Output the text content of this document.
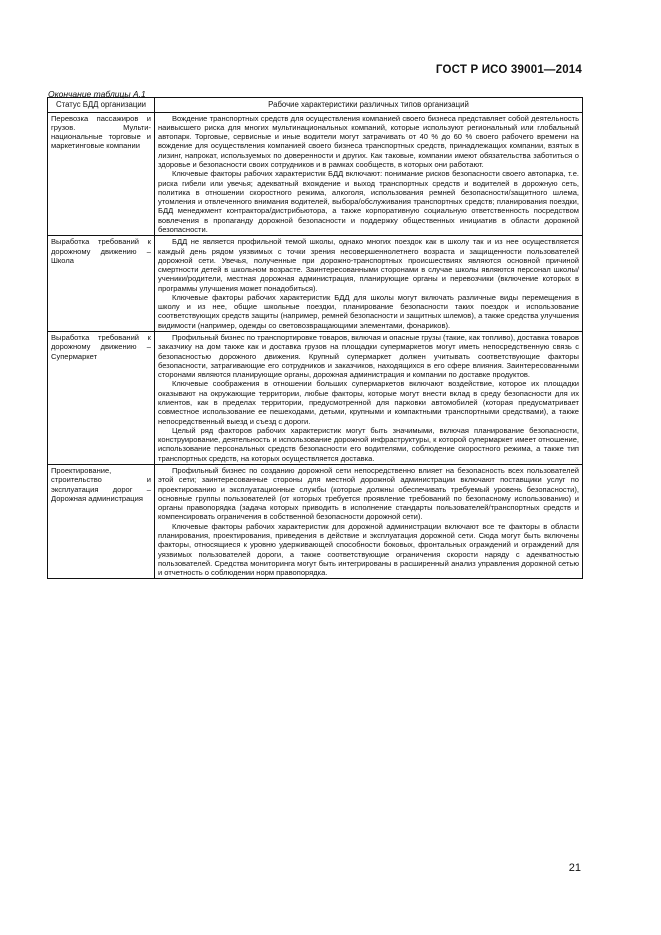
ГОСТ Р ИСО 39001—2014
Окончание таблицы А.1
Статус БДД организации	Рабочие характеристики различных типов организаций
Перевозка пассажиров и грузов. Мультинациональные торговые и маркетинговые компании	Вождение транспортных средств для осуществления компанией своего бизнеса представляет собой деятельность наивысшего риска для многих мультинациональных компаний, которые используют региональный или глобальный автопарк. Торговые, сервисные и иные водители могут затрачивать от 40 % до 60 % своего рабочего времени на вождение для осуществления компанией своего бизнеса транспортных средств, принадлежащих компании, взятых в лизинг, напрокат, используемых по доверенности и других. Как таковые, компании имеют обязательства заботиться о здоровье и безопасности своих сотрудников и в рамках сообществ, в которых они работают.

Ключевые факторы рабочих характеристик БДД включают: понимание рисков безопасности своего автопарка, т.е. риска гибели или увечья; адекватный вхождение и выход транспортных средств и водителей в дорожную сеть, политика в отношении скоростного режима, алкоголя, использования ремней безопасности/защитного шлема, утомления и отвлеченного внимания водителей, выбора/обслуживания транспортных средств; планирования поездки, БДД менеджмент контрактора/дистрибьютора, а также корпоративную социальную ответственность посредством вовлечения в пропаганду дорожной безопасности и поддержку общественных инициатив в области дорожной безопасности.

Выработка требований к дорожному движению – Школа	БДД не является профильной темой школы, однако многих поездок как в школу так и из нее осуществляется каждый день рядом уязвимых с точки зрения несовершеннолетнего возраста и защищенности пользователей дорожной сети. Увечья, полученные при дорожно-транспортных происшествиях являются основной причиной смертности детей в школьном возрасте. Заинтересованными сторонами в случае школы являются персонал школы/ученики/родители, местная дорожная администрация, планирующие органы и перевозчики (включение которых в программы улучшения может понадобиться).

Ключевые факторы рабочих характеристик БДД для школы могут включать различные виды перемещения в школу и из нее, общие школьные поездки, планирование безопасности таких поездок и использование соответствующих средств защиты (например, ремней безопасности и защитных шлемов), а также средства улучшения видимости (например, одежды со световозвращающими элементами, фонариков).

Выработка требований к дорожному движению – Супермаркет	Профильный бизнес по транспортировке товаров, включая и опасные грузы (такие, как топливо), доставка товаров заказчику на дом также как и доставка грузов на площадки супермаркетов могут иметь непосредственную связь с безопасностью дорожного движения. Крупный супермаркет должен учитывать соответствующие факторы безопасности, затрагивающие его сотрудников и заказчиков, находящихся в его сфере влияния. Заинтересованными сторонами являются планирующие органы, дорожная администрация и компании по доставке продуктов.

Ключевые соображения в отношении больших супермаркетов включают воздействие, которое их площадки оказывают на окружающие территории, любые факторы, которые могут внести вклад в среду безопасности для их клиентов, как в пределах территории, предусмотренной для парковки автомобилей (которая предусматривает совместное использование ее пешеходами, детьми, крупными и компактными транспортными средствами), а также непосредственный выезд и съезд с дороги.

Целый ряд факторов рабочих характеристик могут быть значимыми, включая планирование безопасности, конструирование, деятельность и использование дорожной инфраструктуры, к которой супермаркет имеет отношение, использование персональных средств безопасности его водителями, соблюдение скоростного режима, а также тип транспортных средств, на которых осуществляется доставка.

Проектирование, строительство и эксплуатация дорог – Дорожная администрация	Профильный бизнес по созданию дорожной сети непосредственно влияет на безопасность всех пользователей этой сети; заинтересованные стороны для местной дорожной администрации включают поставщики услуг по проектированию и эксплуатационные службы (которые должны обеспечивать требуемый уровень безопасности), основные группы пользователей (от которых требуется проявление требований по безопасному использованию) и органы правопорядка (задача которых приводить в исполнение стандарты пользователей/транспортных средств и компенсировать ограничения в собственной безопасности дорожной сети).

Ключевые факторы рабочих характеристик для дорожной администрации включают все те факторы в области планирования, проектирования, приведения в действие и эксплуатация дорожной сети. Сюда могут быть включены факторы, относящиеся к уровню удерживающей способности боковых, фронтальных ограждений и ограждений для уязвимых пользователей дороги, а также соответствующие ограничения скорости наряду с адекватностью пользователей. Средства мониторинга могут быть интегрированы в расширенный анализ управления дорожной сетью и отчетность о соблюдении норм правопорядка.

21
